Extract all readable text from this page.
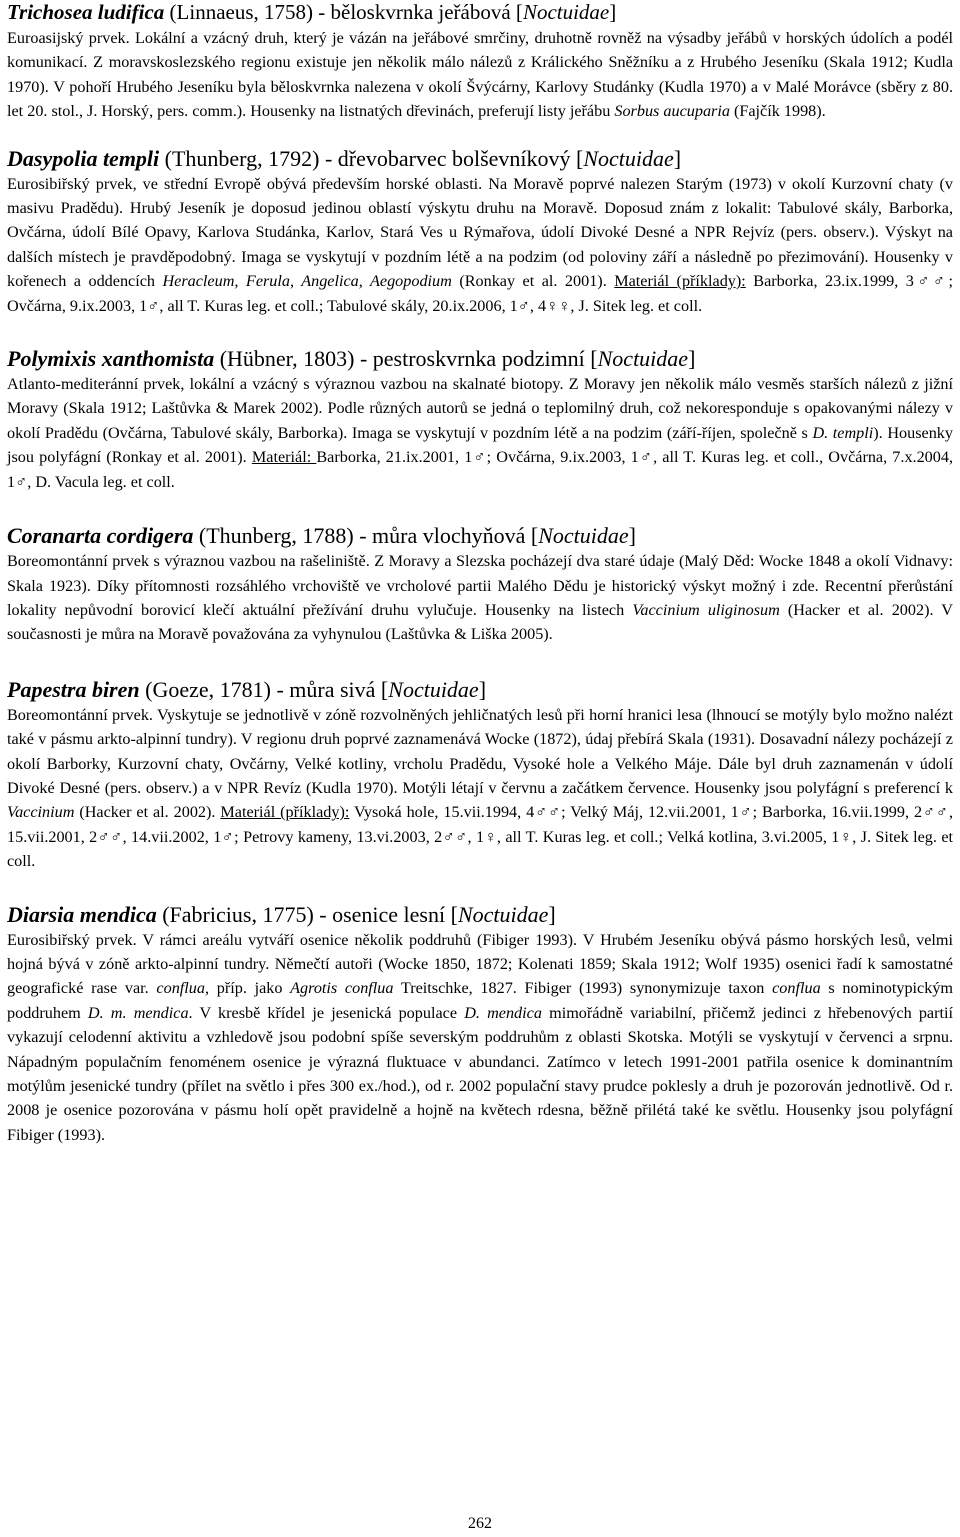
Trichosea ludifica (Linnaeus, 1758) - běloskvrnka jeřábová [Noctuidae]

Euroasijský prvek. Lokální a vzácný druh, který je vázán na jeřábové smrčiny, druhotně rovněž na výsadby jeřábů v horských údolích a podél komunikací. Z moravskoslezského regionu existuje jen několik málo nálezů z Králického Sněžníku a z Hrubého Jeseníku (Skala 1912; Kudla 1970). V pohoří Hrubého Jeseníku byla běloskvrnka nalezena v okolí Švýcárny, Karlovy Studánky (Kudla 1970) a v Malé Morávce (sběry z 80. let 20. stol., J. Horský, pers. comm.). Housenky na listnatých dřevinách, preferují listy jeřábu Sorbus aucuparia (Fajčík 1998).

Dasypolia templi (Thunberg, 1792) - dřevobarvec bolševníkový [Noctuidae]

Eurosibiřský prvek, ve střední Evropě obývá především horské oblasti. Na Moravě poprvé nalezen Starým (1973) v okolí Kurzovní chaty (v masivu Pradědu). Hrubý Jeseník je doposud jedinou oblastí výskytu druhu na Moravě. Doposud znám z lokalit: Tabulové skály, Barborka, Ovčárna, údolí Bílé Opavy, Karlova Studánka, Karlov, Stará Ves u Rýmařova, údolí Divoké Desné a NPR Rejvíz (pers. observ.). Výskyt na dalších místech je pravděpodobný. Imaga se vyskytují v pozdním létě a na podzim (od poloviny září a následně po přezimování). Housenky v kořenech a oddencích Heracleum, Ferula, Angelica, Aegopodium (Ronkay et al. 2001). Materiál (příklady): Barborka, 23.ix.1999, 3♂♂; Ovčárna, 9.ix.2003, 1♂, all T. Kuras leg. et coll.; Tabulové skály, 20.ix.2006, 1♂, 4♀♀, J. Sitek leg. et coll.

Polymixis xanthomista (Hübner, 1803) - pestroskvrnka podzimní [Noctuidae]

Atlanto-mediteránní prvek, lokální a vzácný s výraznou vazbou na skalnaté biotopy. Z Moravy jen několik málo vesměs starších nálezů z jižní Moravy (Skala 1912; Laštůvka & Marek 2002). Podle různých autorů se jedná o teplomilný druh, což nekoresponduje s opakovanými nálezy v okolí Pradědu (Ovčárna, Tabulové skály, Barborka). Imaga se vyskytují v pozdním létě a na podzim (září-říjen, společně s D. templi). Housenky jsou polyfágní (Ronkay et al. 2001). Materiál: Barborka, 21.ix.2001, 1♂; Ovčárna, 9.ix.2003, 1♂, all T. Kuras leg. et coll., Ovčárna, 7.x.2004, 1♂, D. Vacula leg. et coll.

Coranarta cordigera (Thunberg, 1788) - můra vlochyňová [Noctuidae]

Boreomontánní prvek s výraznou vazbou na rašeliniště. Z Moravy a Slezska pocházejí dva staré údaje (Malý Děd: Wocke 1848 a okolí Vidnavy: Skala 1923). Díky přítomnosti rozsáhlého vrchoviště ve vrcholové partii Malého Dědu je historický výskyt možný i zde. Recentní přerůstání lokality nepůvodní borovicí klečí aktuální přežívání druhu vylučuje. Housenky na listech Vaccinium uliginosum (Hacker et al. 2002). V současnosti je můra na Moravě považována za vyhynulou (Laštůvka & Liška 2005).

Papestra biren (Goeze, 1781) - můra sivá [Noctuidae]

Boreomontánní prvek. Vyskytuje se jednotlivě v zóně rozvolněných jehličnatých lesů při horní hranici lesa (lhnoucí se motýly bylo možno nalézt také v pásmu arkto-alpinní tundry). V regionu druh poprvé zaznamenává Wocke (1872), údaj přebírá Skala (1931). Dosavadní nálezy pocházejí z okolí Barborky, Kurzovní chaty, Ovčárny, Velké kotliny, vrcholu Pradědu, Vysoké hole a Velkého Máje. Dále byl druh zaznamenán v údolí Divoké Desné (pers. observ.) a v NPR Revíz (Kudla 1970). Motýli létají v červnu a začátkem července. Housenky jsou polyfágní s preferencí k Vaccinium (Hacker et al. 2002). Materiál (příklady): Vysoká hole, 15.vii.1994, 4♂♂; Velký Máj, 12.vii.2001, 1♂; Barborka, 16.vii.1999, 2♂♂, 15.vii.2001, 2♂♂, 14.vii.2002, 1♂; Petrovy kameny, 13.vi.2003, 2♂♂, 1♀, all T. Kuras leg. et coll.; Velká kotlina, 3.vi.2005, 1♀, J. Sitek leg. et coll.

Diarsia mendica (Fabricius, 1775) - osenice lesní [Noctuidae]

Eurosibiřský prvek. V rámci areálu vytváří osenice několik poddruhů (Fibiger 1993). V Hrubém Jeseníku obývá pásmo horských lesů, velmi hojná bývá v zóně arkto-alpinní tundry. Němečtí autoři (Wocke 1850, 1872; Kolenati 1859; Skala 1912; Wolf 1935) osenici řadí k samostatné geografické rase var. conflua, příp. jako Agrotis conflua Treitschke, 1827. Fibiger (1993) synonymizuje taxon conflua s nominotypickým poddruhem D. m. mendica. V kresbě křídel je jesenická populace D. mendica mimořádně variabilní, přičemž jedinci z hřebenových partií vykazují celodenní aktivitu a vzhledově jsou podobní spíše severským poddruhům z oblasti Skotska. Motýli se vyskytují v červenci a srpnu. Nápadným populačním fenoménem osenice je výrazná fluktuace v abundanci. Zatímco v letech 1991-2001 patřila osenice k dominantním motýlům jesenické tundry (přílet na světlo i přes 300 ex./hod.), od r. 2002 populační stavy prudce poklesly a druh je pozorován jednotlivě. Od r. 2008 je osenice pozorována v pásmu holí opět pravidelně a hojně na květech rdesna, běžně přilétá také ke světlu. Housenky jsou polyfágní Fibiger (1993).

262
